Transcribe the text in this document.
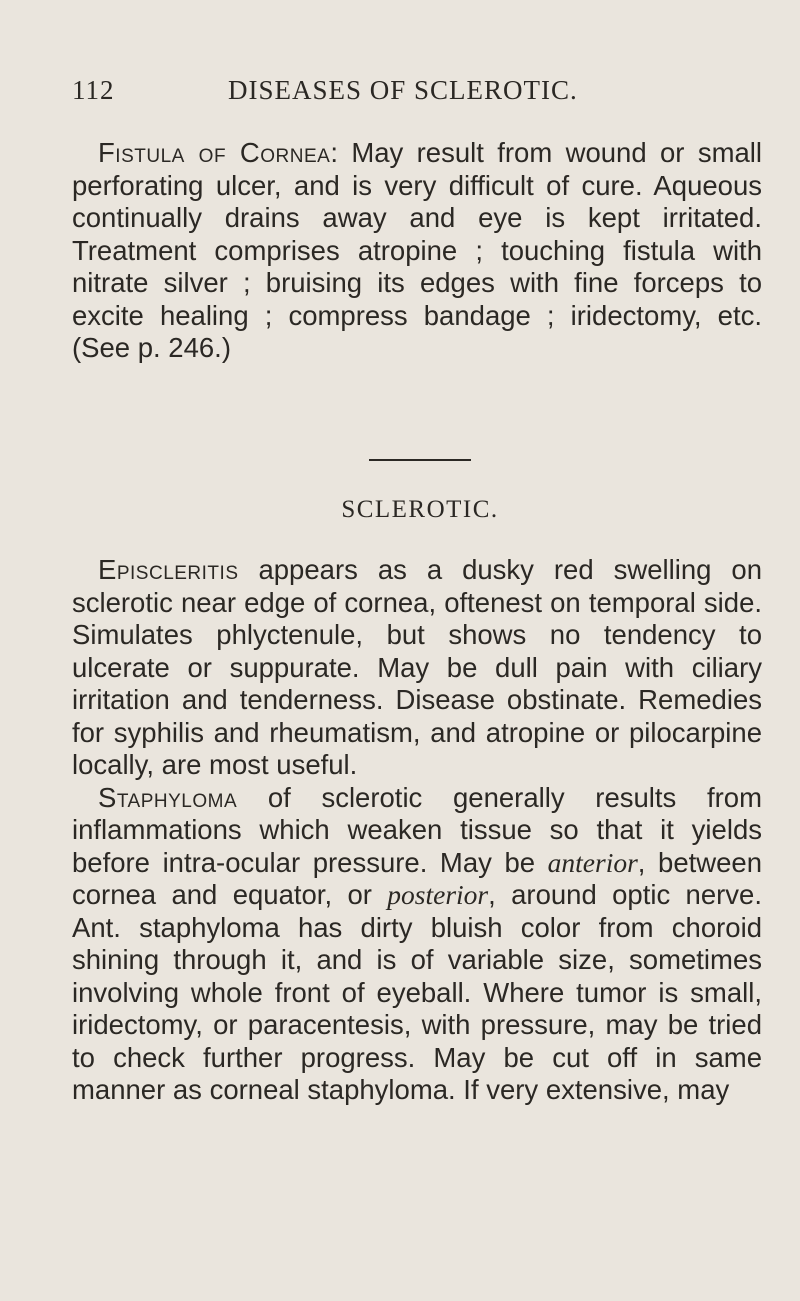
112	DISEASES OF SCLEROTIC.

Fistula of Cornea: May result from wound or small perforating ulcer, and is very difficult of cure. Aqueous continually drains away and eye is kept irritated. Treatment comprises atropine ; touching fistula with nitrate silver ; bruising its edges with fine forceps to excite healing ; compress bandage ; iridectomy, etc. (See p. 246.)

SCLEROTIC.

Episcleritis appears as a dusky red swelling on sclerotic near edge of cornea, oftenest on temporal side. Simulates phlyctenule, but shows no tendency to ulcerate or suppurate. May be dull pain with ciliary irritation and tenderness. Disease obstinate. Remedies for syphilis and rheumatism, and atropine or pilocarpine locally, are most useful.

Staphyloma of sclerotic generally results from inflammations which weaken tissue so that it yields before intra-ocular pressure. May be anterior, between cornea and equator, or posterior, around optic nerve. Ant. staphyloma has dirty bluish color from choroid shining through it, and is of variable size, sometimes involving whole front of eyeball. Where tumor is small, iridectomy, or paracentesis, with pressure, may be tried to check further progress. May be cut off in same manner as corneal staphyloma. If very extensive, may
